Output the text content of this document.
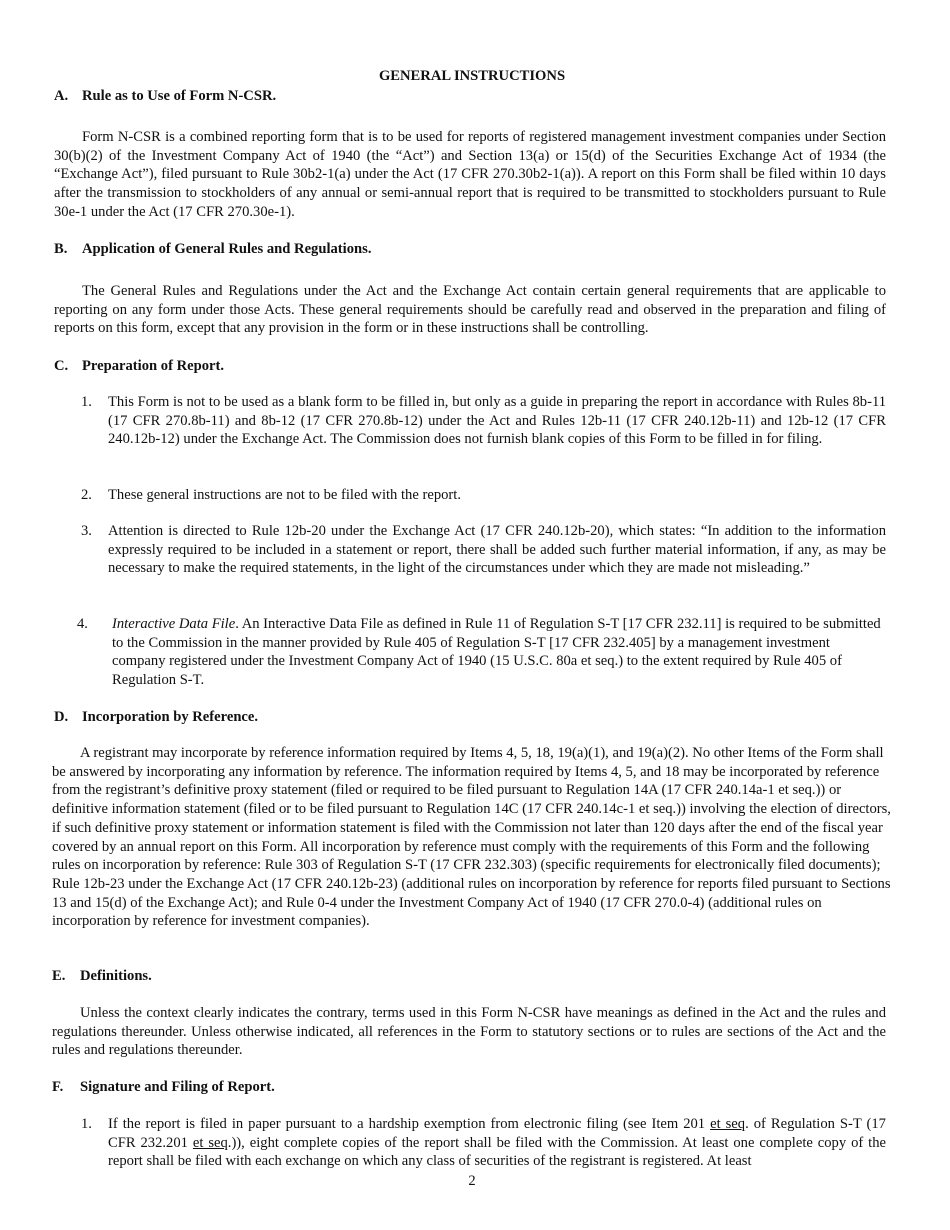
GENERAL INSTRUCTIONS
A. Rule as to Use of Form N-CSR.

Form N-CSR is a combined reporting form that is to be used for reports of registered management investment companies under Section 30(b)(2) of the Investment Company Act of 1940 (the “Act”) and Section 13(a) or 15(d) of the Securities Exchange Act of 1934 (the “Exchange Act”), filed pursuant to Rule 30b2-1(a) under the Act (17 CFR 270.30b2-1(a)). A report on this Form shall be filed within 10 days after the transmission to stockholders of any annual or semi-annual report that is required to be transmitted to stockholders pursuant to Rule 30e-1 under the Act (17 CFR 270.30e-1).

B. Application of General Rules and Regulations.

The General Rules and Regulations under the Act and the Exchange Act contain certain general requirements that are applicable to reporting on any form under those Acts. These general requirements should be carefully read and observed in the preparation and filing of reports on this form, except that any provision in the form or in these instructions shall be controlling.

C. Preparation of Report.
1.	This Form is not to be used as a blank form to be filled in, but only as a guide in preparing the report in accordance with Rules 8b-11 (17 CFR 270.8b-11) and 8b-12 (17 CFR 270.8b-12) under the Act and Rules 12b-11 (17 CFR 240.12b-11) and 12b-12 (17 CFR 240.12b-12) under the Exchange Act. The Commission does not furnish blank copies of this Form to be filled in for filing.

2.	These general instructions are not to be filed with the report.

3.	Attention is directed to Rule 12b-20 under the Exchange Act (17 CFR 240.12b-20), which states: “In addition to the information expressly required to be included in a statement or report, there shall be added such further material information, if any, as may be necessary to make the required statements, in the light of the circumstances under which they are made not misleading.”

4.	Interactive Data File. An Interactive Data File as defined in Rule 11 of Regulation S-T [17 CFR 232.11] is required to be submitted to the Commission in the manner provided by Rule 405 of Regulation S-T [17 CFR 232.405] by a management investment company registered under the Investment Company Act of 1940 (15 U.S.C. 80a et seq.) to the extent required by Rule 405 of Regulation S-T.

D. Incorporation by Reference.

A registrant may incorporate by reference information required by Items 4, 5, 18, 19(a)(1), and 19(a)(2). No other Items of the Form shall be answered by incorporating any information by reference. The information required by Items 4, 5, and 18 may be incorporated by reference from the registrant’s definitive proxy statement (filed or required to be filed pursuant to Regulation 14A (17 CFR 240.14a-1 et seq.)) or definitive information statement (filed or to be filed pursuant to Regulation 14C (17 CFR 240.14c-1 et seq.)) involving the election of directors, if such definitive proxy statement or information statement is filed with the Commission not later than 120 days after the end of the fiscal year covered by an annual report on this Form. All incorporation by reference must comply with the requirements of this Form and the following rules on incorporation by reference: Rule 303 of Regulation S-T (17 CFR 232.303) (specific requirements for electronically filed documents); Rule 12b-23 under the Exchange Act (17 CFR 240.12b-23) (additional rules on incorporation by reference for reports filed pursuant to Sections 13 and 15(d) of the Exchange Act); and Rule 0-4 under the Investment Company Act of 1940 (17 CFR 270.0-4) (additional rules on incorporation by reference for investment companies).

E. Definitions.

Unless the context clearly indicates the contrary, terms used in this Form N-CSR have meanings as defined in the Act and the rules and regulations thereunder. Unless otherwise indicated, all references in the Form to statutory sections or to rules are sections of the Act and the rules and regulations thereunder.

F. Signature and Filing of Report.
1.	If the report is filed in paper pursuant to a hardship exemption from electronic filing (see Item 201 et seq. of Regulation S-T (17 CFR 232.201 et seq.)), eight complete copies of the report shall be filed with the Commission. At least one complete copy of the report shall be filed with each exchange on which any class of securities of the registrant is registered. At least

2
